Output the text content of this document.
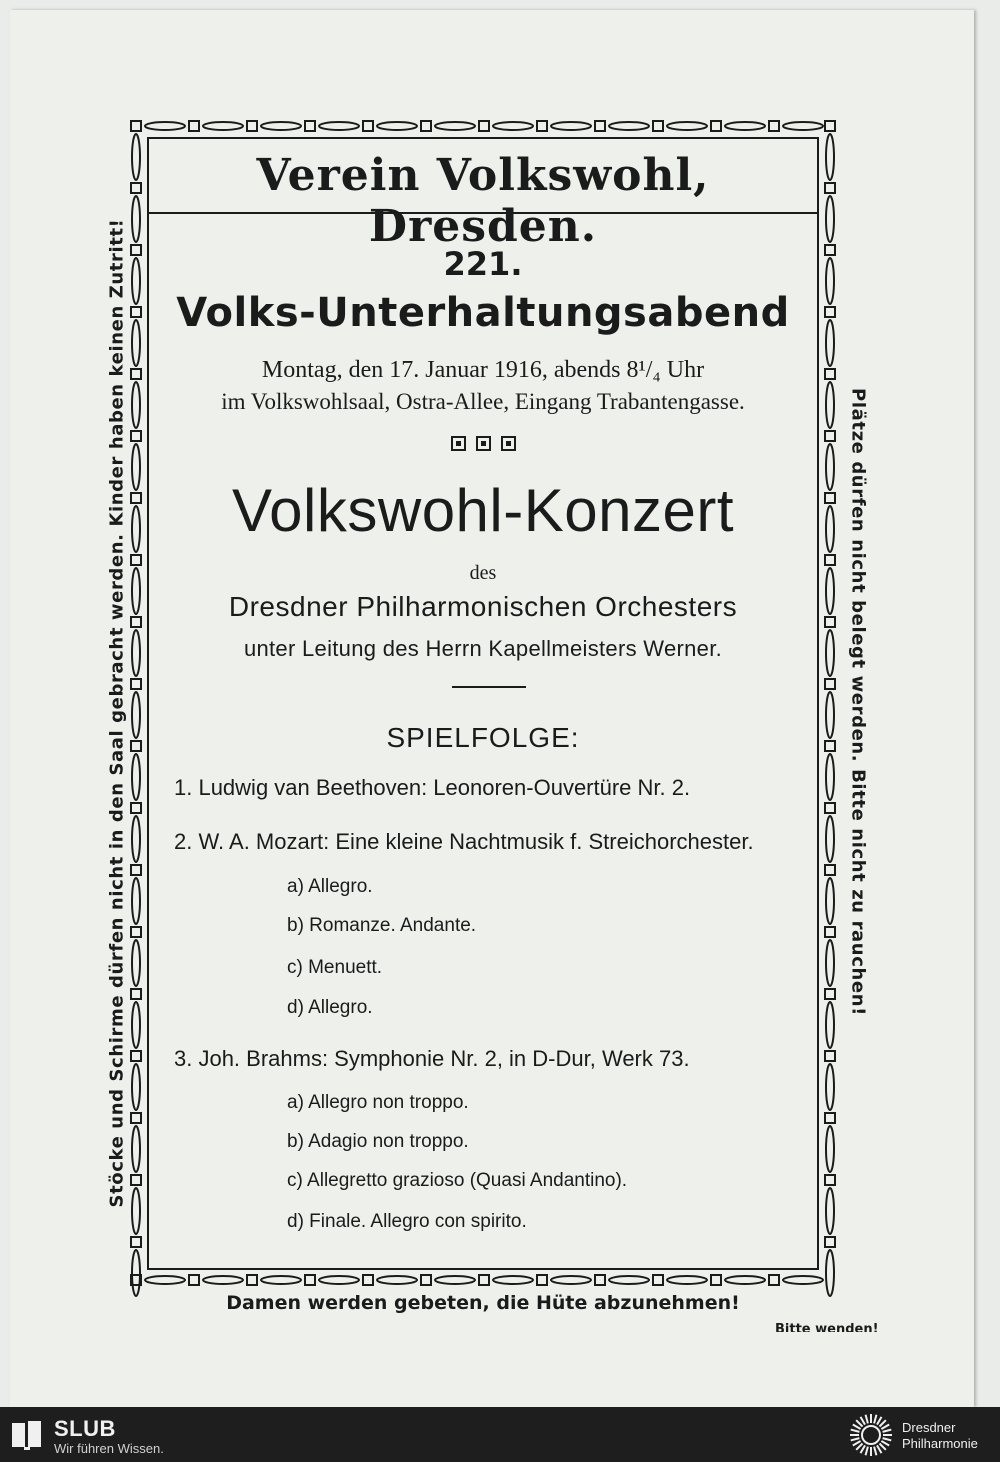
Verein Volkswohl, Dresden.
221.
Volks-Unterhaltungsabend
Montag, den 17. Januar 1916, abends 8¹/₄ Uhr
im Volkswohlsaal, Ostra-Allee, Eingang Trabantengasse.
Volkswohl-Konzert
des
Dresdner Philharmonischen Orchesters
unter Leitung des Herrn Kapellmeisters Werner.
SPIELFOLGE:
1. Ludwig van Beethoven: Leonoren-Ouvertüre Nr. 2.
2. W. A. Mozart: Eine kleine Nachtmusik f. Streichorchester.
a) Allegro.
b) Romanze. Andante.
c) Menuett.
d) Allegro.
3. Joh. Brahms: Symphonie Nr. 2, in D-Dur, Werk 73.
a) Allegro non troppo.
b) Adagio non troppo.
c) Allegretto grazioso (Quasi Andantino).
d) Finale. Allegro con spirito.
Stöcke und Schirme dürfen nicht in den Saal gebracht werden. Kinder haben keinen Zutritt!	Plätze dürfen nicht belegt werden. Bitte nicht zu rauchen!
Damen werden gebeten, die Hüte abzunehmen!
Bitte wenden!
SLUB
Wir führen Wissen.
Dresdner
Philharmonie
